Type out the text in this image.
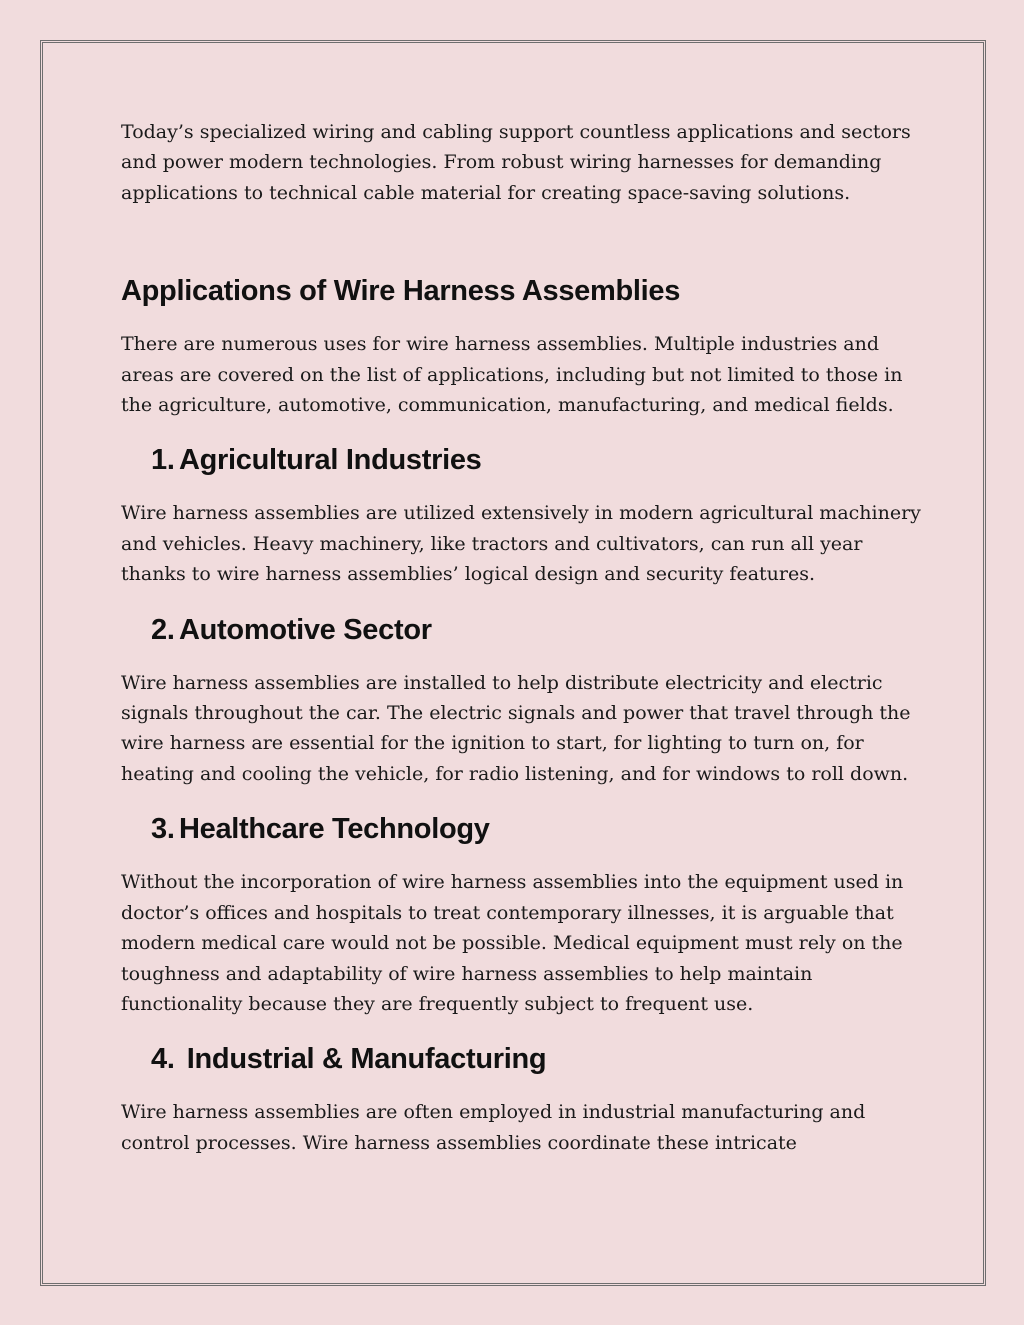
Today’s specialized wiring and cabling support countless applications and sectors and power modern technologies. From robust wiring harnesses for demanding applications to technical cable material for creating space-saving solutions.

Applications of Wire Harness Assemblies

There are numerous uses for wire harness assemblies. Multiple industries and areas are covered on the list of applications, including but not limited to those in the agriculture, automotive, communication, manufacturing, and medical fields.

1. Agricultural Industries

Wire harness assemblies are utilized extensively in modern agricultural machinery and vehicles. Heavy machinery, like tractors and cultivators, can run all year thanks to wire harness assemblies’ logical design and security features.

2. Automotive Sector

Wire harness assemblies are installed to help distribute electricity and electric signals throughout the car. The electric signals and power that travel through the wire harness are essential for the ignition to start, for lighting to turn on, for heating and cooling the vehicle, for radio listening, and for windows to roll down.

3. Healthcare Technology

Without the incorporation of wire harness assemblies into the equipment used in doctor’s offices and hospitals to treat contemporary illnesses, it is arguable that modern medical care would not be possible. Medical equipment must rely on the toughness and adaptability of wire harness assemblies to help maintain functionality because they are frequently subject to frequent use.

4. Industrial & Manufacturing

Wire harness assemblies are often employed in industrial manufacturing and control processes. Wire harness assemblies coordinate these intricate
